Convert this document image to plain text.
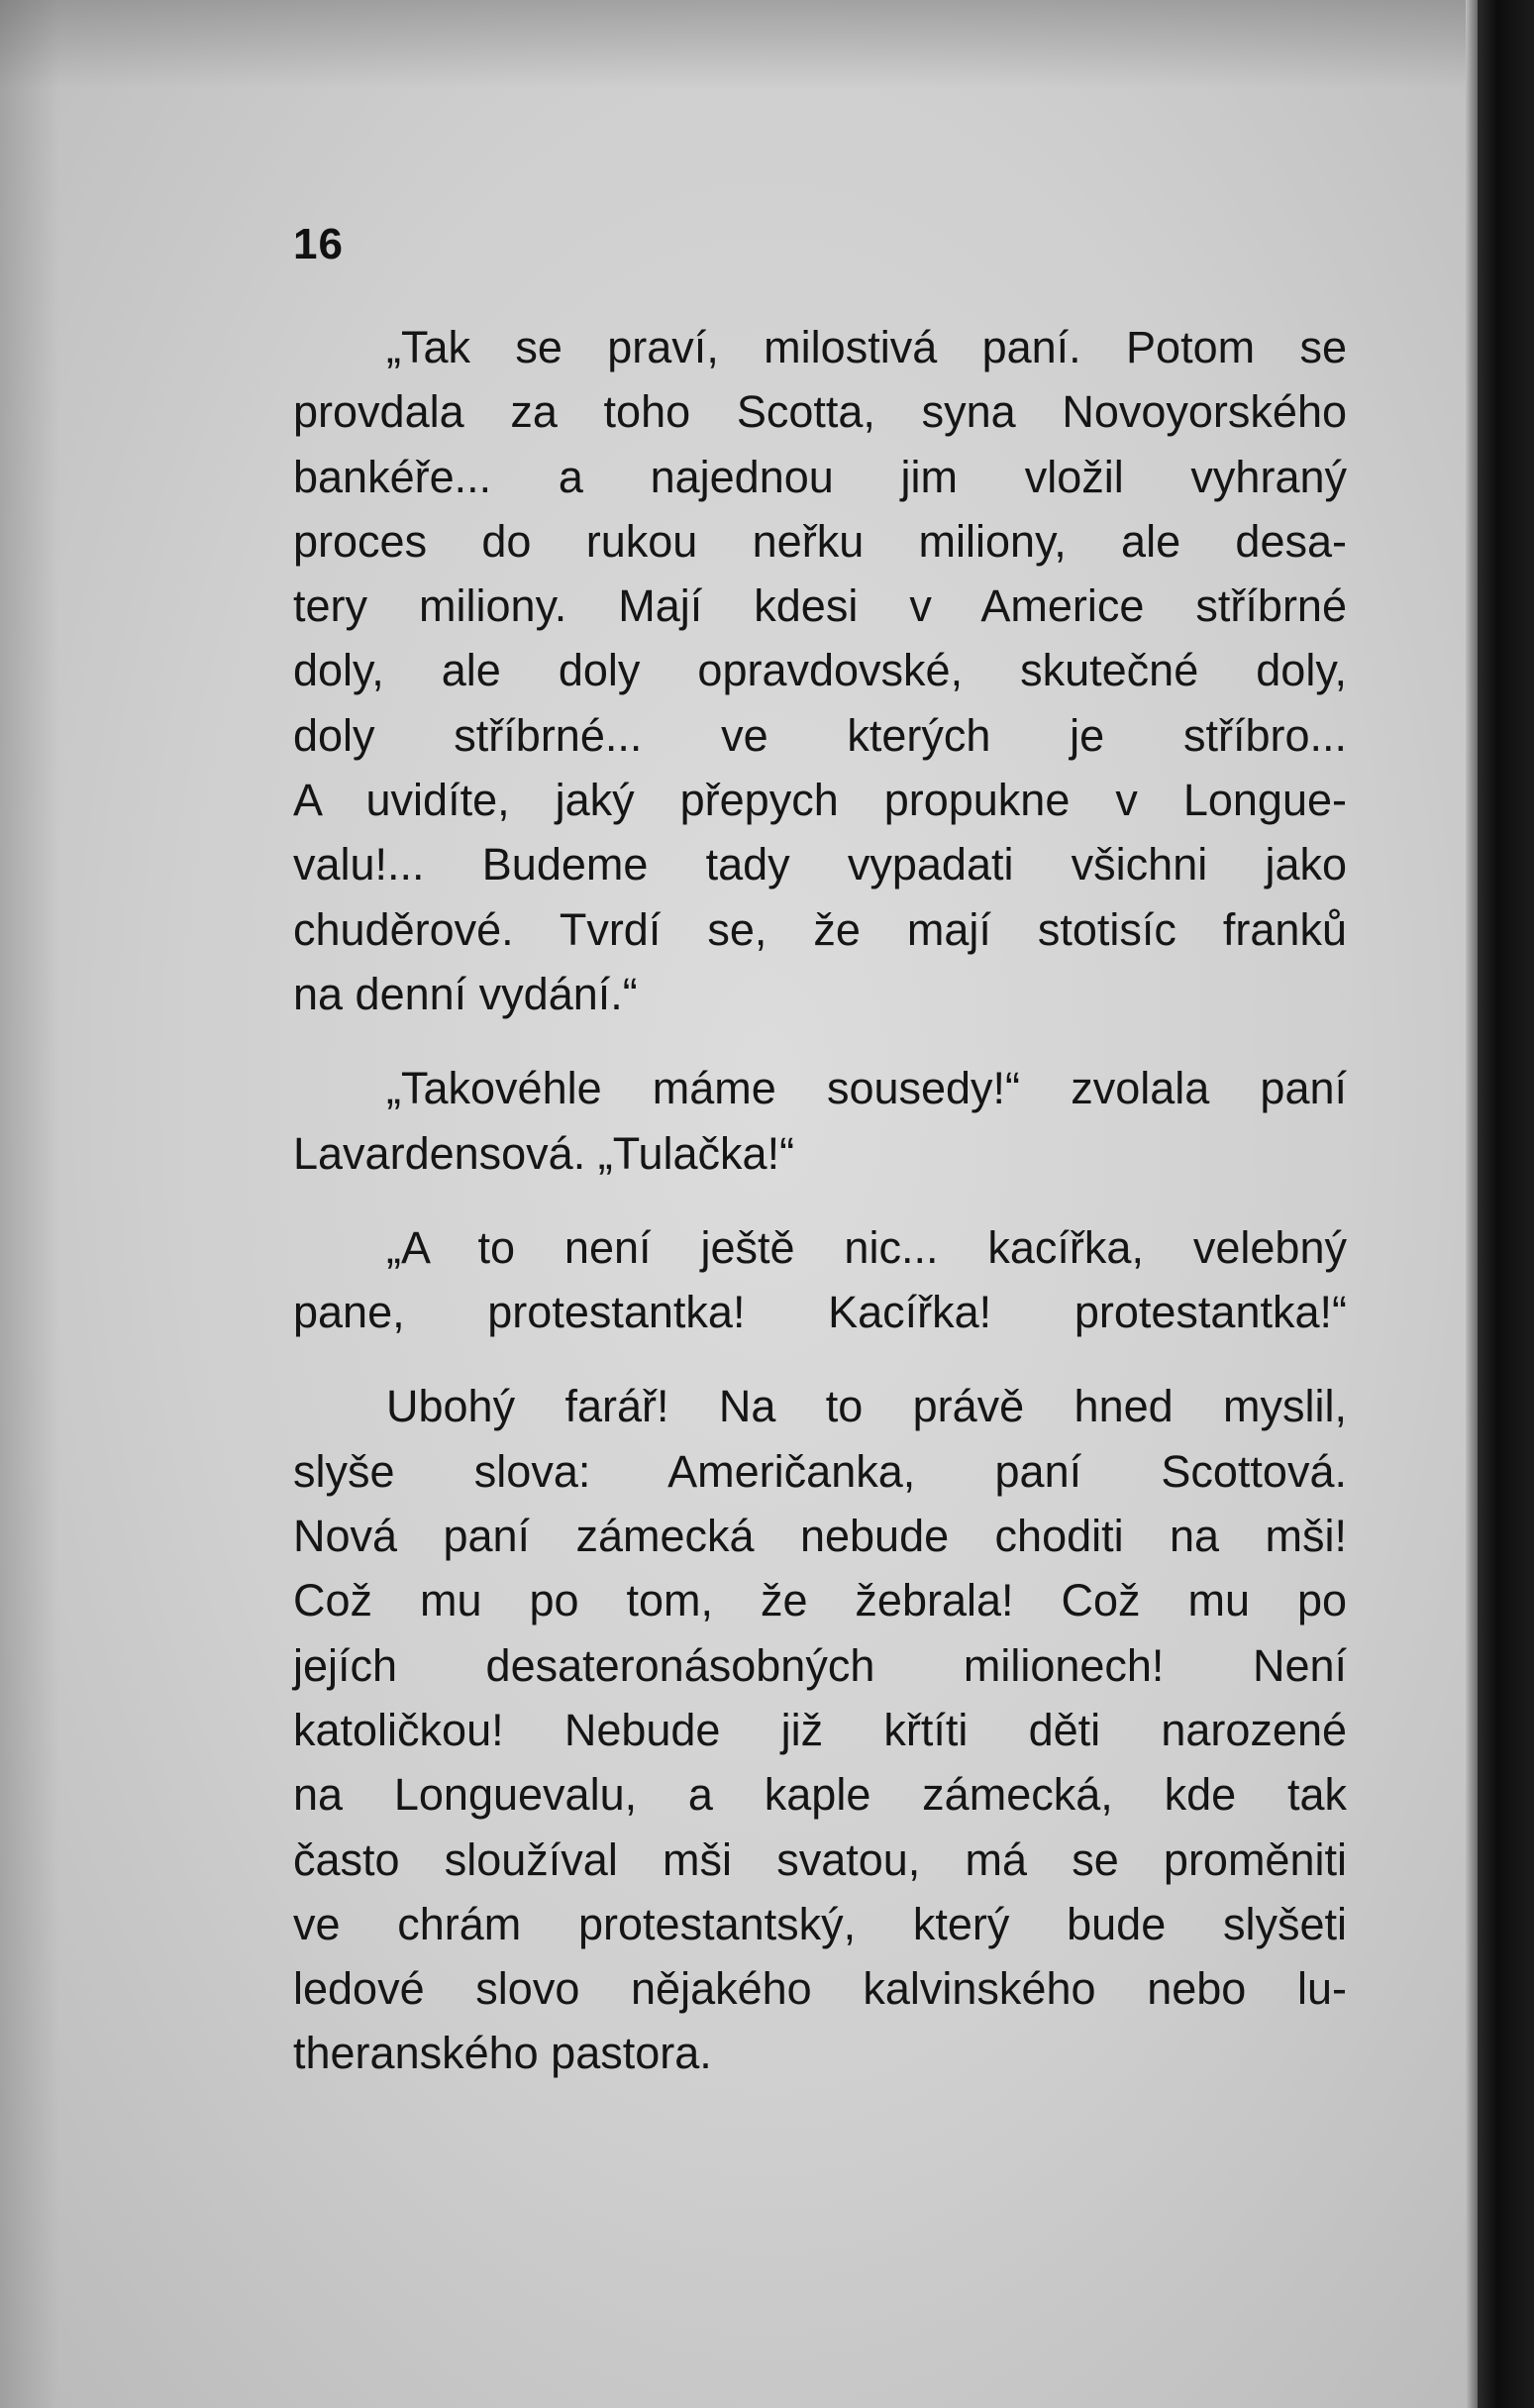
16

„Tak se praví, milostivá paní. Potom se
provdala za toho Scotta, syna Novoyorského
bankéře... a najednou jim vložil vyhraný
proces do rukou neřku miliony, ale desa-
tery miliony. Mají kdesi v Americe stříbrné
doly, ale doly opravdovské, skutečné doly,
doly stříbrné... ve kterých je stříbro...
A uvidíte, jaký přepych propukne v Longue-
valu!... Budeme tady vypadati všichni jako
chuděrové. Tvrdí se, že mají stotisíc franků
na denní vydání.“

„Takovéhle máme sousedy!“ zvolala paní
Lavardensová. „Tulačka!“

„A to není ještě nic... kacířka, velebný
pane, protestantka! Kacířka! protestantka!“

Ubohý farář! Na to právě hned myslil,
slyše slova: Američanka, paní Scottová.
Nová paní zámecká nebude choditi na mši!
Což mu po tom, že žebrala! Což mu po
jejích desateronásobných milionech! Není
katoličkou! Nebude již křtíti děti narozené
na Longuevalu, a kaple zámecká, kde tak
často sloužíval mši svatou, má se proměniti
ve chrám protestantský, který bude slyšeti
ledové slovo nějakého kalvinského nebo lu-
theranského pastora.
